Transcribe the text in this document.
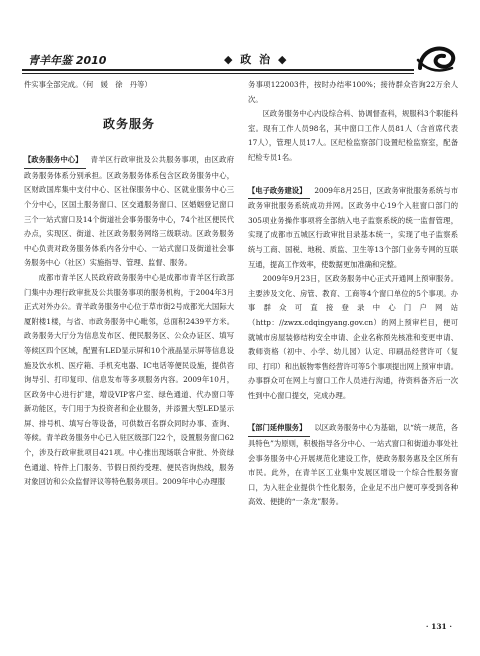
青羊年鉴 2010	◆ 政 治 ◆

件实事全部完成。（何　媛　徐　丹等）

政务服务

【政务服务中心】 青羊区行政审批及公共服务事项，由区政府政务服务体系分别承担。区政务服务体系包含区政务服务中心，区财政国库集中支付中心、区社保服务中心、区就业服务中心三个分中心，区国土服务窗口、区交通服务窗口、区婚姻登记窗口三个一站式窗口及14个街道社会事务服务中心，74个社区便民代办点，实现区、街道、社区政务服务网络三级联动。区政务服务中心负责对政务服务体系内各分中心、一站式窗口及街道社会事务服务中心（社区）实施指导、管理、监督、服务。

成都市青羊区人民政府政务服务中心是成都市青羊区行政部门集中办理行政审批及公共服务事项的服务机构，于2004年3月正式对外办公。青羊政务服务中心位于草市街2号成都光大国际大厦附楼1楼，与省、市政务服务中心毗邻，总面积2439平方米。政务服务大厅分为信息发布区、便民服务区、公众办证区、填写等候区四个区域，配置有LED显示屏和10个液晶显示屏等信息设施及饮水机、医疗箱、手机充电器、IC电话等便民设施，提供咨询导引、打印复印、信息发布等多项服务内容。2009年10月，区政务中心进行扩建，增设VIP客户室、绿色通道、代办窗口等新功能区，专门用于为投资者和企业服务，并添置大型LED显示屏、排号机、填写台等设备，可供数百名群众同时办事、查询、等候。青羊政务服务中心已入驻区级部门22个，设置服务窗口62个，涉及行政审批项目421项。中心推出现场联合审批、外资绿色通道、特件上门服务、节假日预约受理、便民咨询热线，服务对象回访和公众监督评议等特色服务项目。2009年中心办理服

务事项122003件，按时办结率100%；接待群众咨询22万余人次。

区政务服务中心内设综合科、协调督查科，规服科3个职能科室。现有工作人员98名，其中窗口工作人员81人（含首席代表17人），管理人员17人。区纪检监察部门设置纪检监察室，配备纪检专员1名。

【电子政务建设】 2009年8月25日，区政务审批服务系统与市政务审批服务系统成功并网。区政务中心19个入驻窗口部门的305项业务操作事项将全部纳入电子监察系统的统一监督管理，实现了成都市五城区行政审批目录基本统一，实现了电子监察系统与工商、国税、地税、质监、卫生等13个部门业务专网的互联互通，提高工作效率，使数据更加准确和完整。

2009年9月23日，区政务服务中心正式开通网上预审服务。主要涉及文化、房管、教育、工商等4个窗口单位的5个事项。办事群众可直接登录中心门户网站（http：//zwzx.cdqingyang.gov.cn）的网上预审栏目，便可就城市房屋装修结构安全申请、企业名称预先核准和变更申请、教师资格（初中、小学、幼儿园）认定、印刷品经营许可（复印、打印）和出版物零售经营许可等5个事项提出网上预审申请。办事群众可在网上与窗口工作人员进行沟通，待资料备齐后一次性到中心窗口提交，完成办理。

【部门延伸服务】 以区政务服务中心为基础，以“统一规范，各具特色”为原则，积极指导各分中心、一站式窗口和街道办事处社会事务服务中心开展规范化建设工作，使政务服务惠及全区所有市民。此外，在青羊区工业集中发展区增设一个综合性服务窗口，为入驻企业提供个性化服务，企业足不出户便可享受到各种高效、便捷的“一条龙”服务。

· 131 ·
